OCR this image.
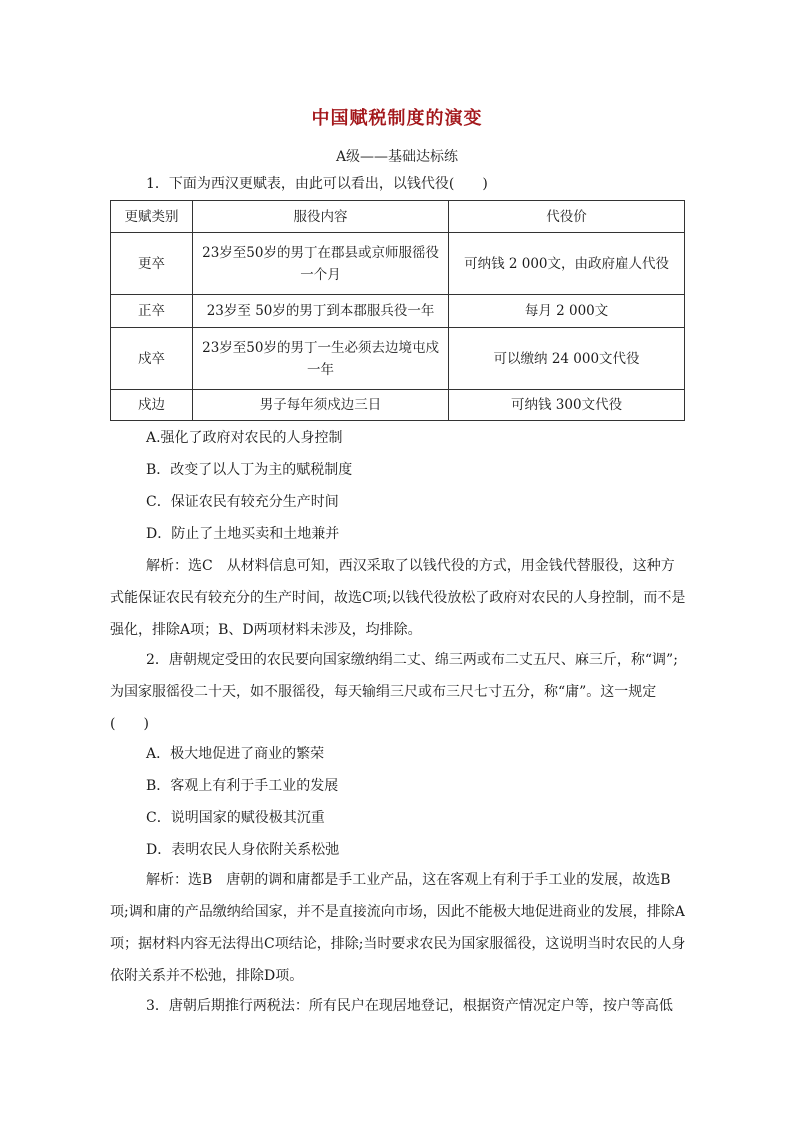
中国赋税制度的演变
A级——基础达标练
1．下面为西汉更赋表，由此可以看出，以钱代役(　　)
更赋类别	服役内容	代役价
更卒	23岁至50岁的男丁在郡县或京师服徭役一个月	可纳钱 2 000文，由政府雇人代役
正卒	23岁至 50岁的男丁到本郡服兵役一年	每月 2 000文
戍卒	23岁至50岁的男丁一生必须去边境屯戍一年	可以缴纳 24 000文代役
戍边	男子每年须戍边三日	可纳钱 300文代役
A.强化了政府对农民的人身控制
B．改变了以人丁为主的赋税制度
C．保证农民有较充分生产时间
D．防止了土地买卖和土地兼并
解析：选C　从材料信息可知，西汉采取了以钱代役的方式，用金钱代替服役，这种方式能保证农民有较充分的生产时间，故选C项;以钱代役放松了政府对农民的人身控制，而不是强化，排除A项；B、D两项材料未涉及，均排除。
2．唐朝规定受田的农民要向国家缴纳绢二丈、绵三两或布二丈五尺、麻三斤，称“调”;为国家服徭役二十天，如不服徭役，每天输绢三尺或布三尺七寸五分，称“庸”。这一规定(　　)
A．极大地促进了商业的繁荣
B．客观上有利于手工业的发展
C．说明国家的赋役极其沉重
D．表明农民人身依附关系松弛
解析：选B　唐朝的调和庸都是手工业产品，这在客观上有利于手工业的发展，故选B项;调和庸的产品缴纳给国家，并不是直接流向市场，因此不能极大地促进商业的发展，排除A项；据材料内容无法得出C项结论，排除;当时要求农民为国家服徭役，这说明当时农民的人身依附关系并不松弛，排除D项。
3．唐朝后期推行两税法：所有民户在现居地登记，根据资产情况定户等，按户等高低
